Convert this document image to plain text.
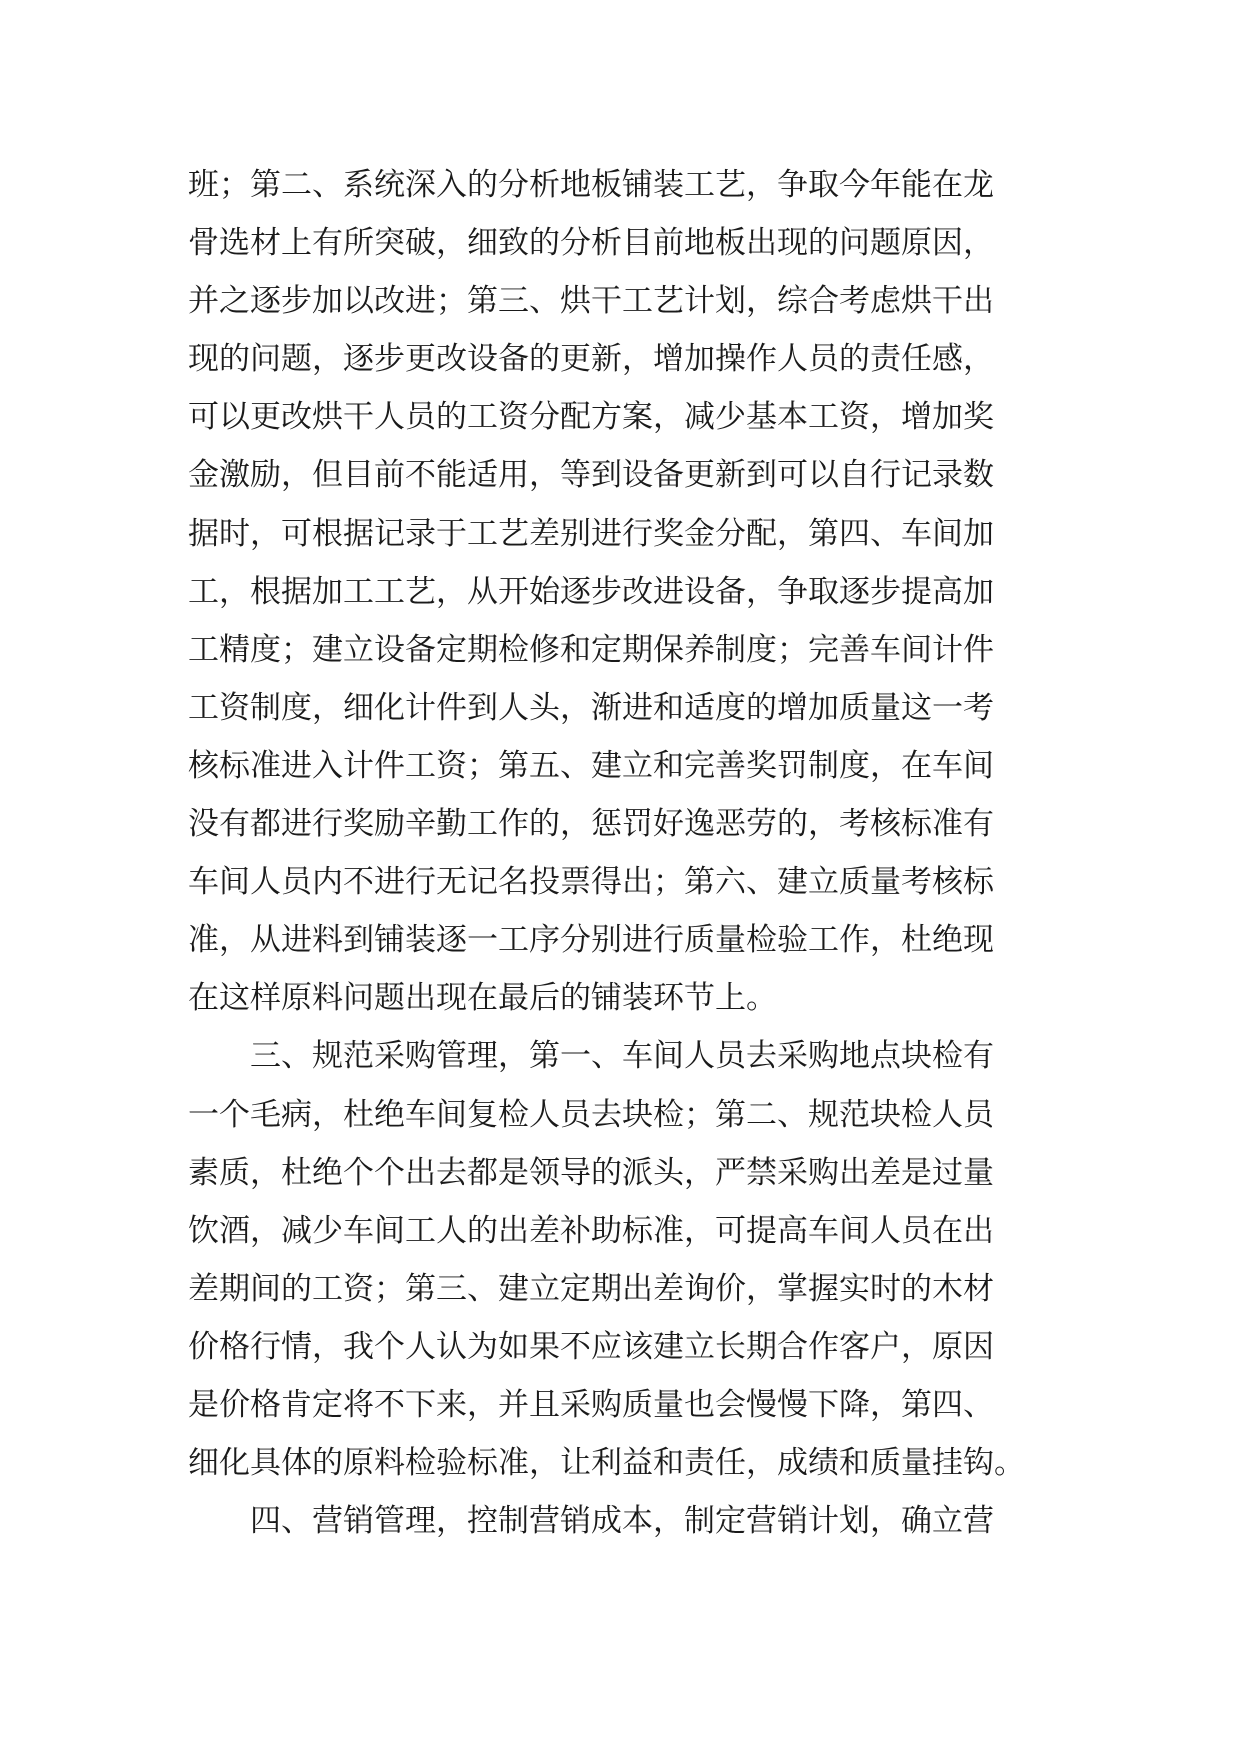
班；第二、系统深入的分析地板铺装工艺，争取今年能在龙
骨选材上有所突破，细致的分析目前地板出现的问题原因，
并之逐步加以改进；第三、烘干工艺计划，综合考虑烘干出
现的问题，逐步更改设备的更新，增加操作人员的责任感，
可以更改烘干人员的工资分配方案，减少基本工资，增加奖
金激励，但目前不能适用，等到设备更新到可以自行记录数
据时，可根据记录于工艺差别进行奖金分配，第四、车间加
工，根据加工工艺，从开始逐步改进设备，争取逐步提高加
工精度；建立设备定期检修和定期保养制度；完善车间计件
工资制度，细化计件到人头，渐进和适度的增加质量这一考
核标准进入计件工资；第五、建立和完善奖罚制度，在车间
没有都进行奖励辛勤工作的，惩罚好逸恶劳的，考核标准有
车间人员内不进行无记名投票得出；第六、建立质量考核标
准，从进料到铺装逐一工序分别进行质量检验工作，杜绝现
在这样原料问题出现在最后的铺装环节上。
三、规范采购管理，第一、车间人员去采购地点块检有
一个毛病，杜绝车间复检人员去块检；第二、规范块检人员
素质，杜绝个个出去都是领导的派头，严禁采购出差是过量
饮酒，减少车间工人的出差补助标准，可提高车间人员在出
差期间的工资；第三、建立定期出差询价，掌握实时的木材
价格行情，我个人认为如果不应该建立长期合作客户，原因
是价格肯定将不下来，并且采购质量也会慢慢下降，第四、
细化具体的原料检验标准，让利益和责任，成绩和质量挂钩。
四、营销管理，控制营销成本，制定营销计划，确立营
